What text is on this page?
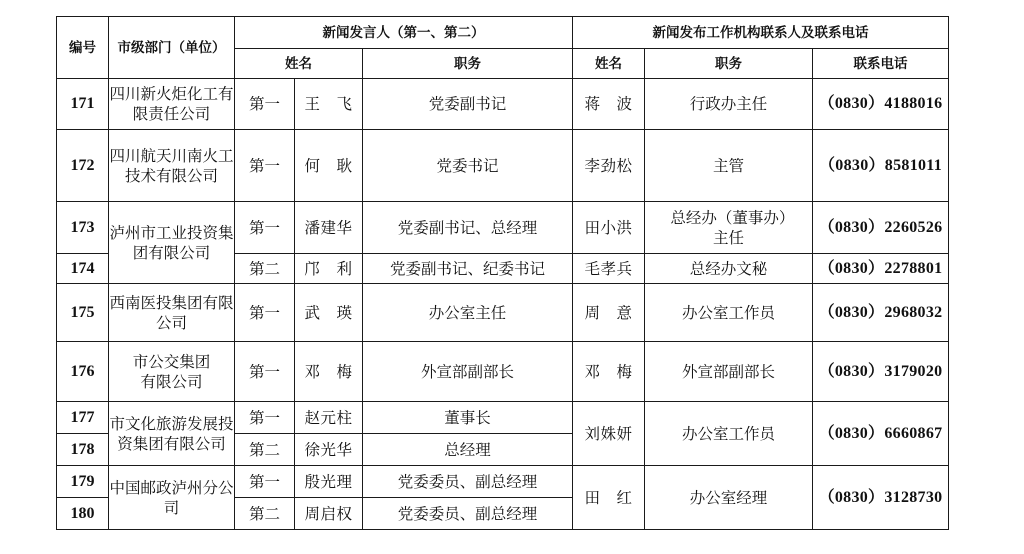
编号	市级部门（单位）	新闻发言人（第一、第二）			新闻发布工作机构联系人及联系电话		
		姓名		职务	姓名	职务	联系电话
171	四川新火炬化工有限责任公司	第一	王　飞	党委副书记	蒋　波	行政办主任	（0830）4188016
172	四川航天川南火工技术有限公司	第一	何　耿	党委书记	李劲松	主管	（0830）8581011
173	泸州市工业投资集团有限公司	第一	潘建华	党委副书记、总经理	田小洪	总经办（董事办）主任	（0830）2260526
174		第二	邝　利	党委副书记、纪委书记	毛孝兵	总经办文秘	（0830）2278801
175	西南医投集团有限公司	第一	武　瑛	办公室主任	周　意	办公室工作员	（0830）2968032
176	市公交集团有限公司	第一	邓　梅	外宣部副部长	邓　梅	外宣部副部长	（0830）3179020
177	市文化旅游发展投资集团有限公司	第一	赵元柱	董事长	刘姝妍	办公室工作员	（0830）6660867
178		第二	徐光华	总经理			
179	中国邮政泸州分公司	第一	殷光理	党委委员、副总经理	田　红	办公室经理	（0830）3128730
180		第二	周启权	党委委员、副总经理			
